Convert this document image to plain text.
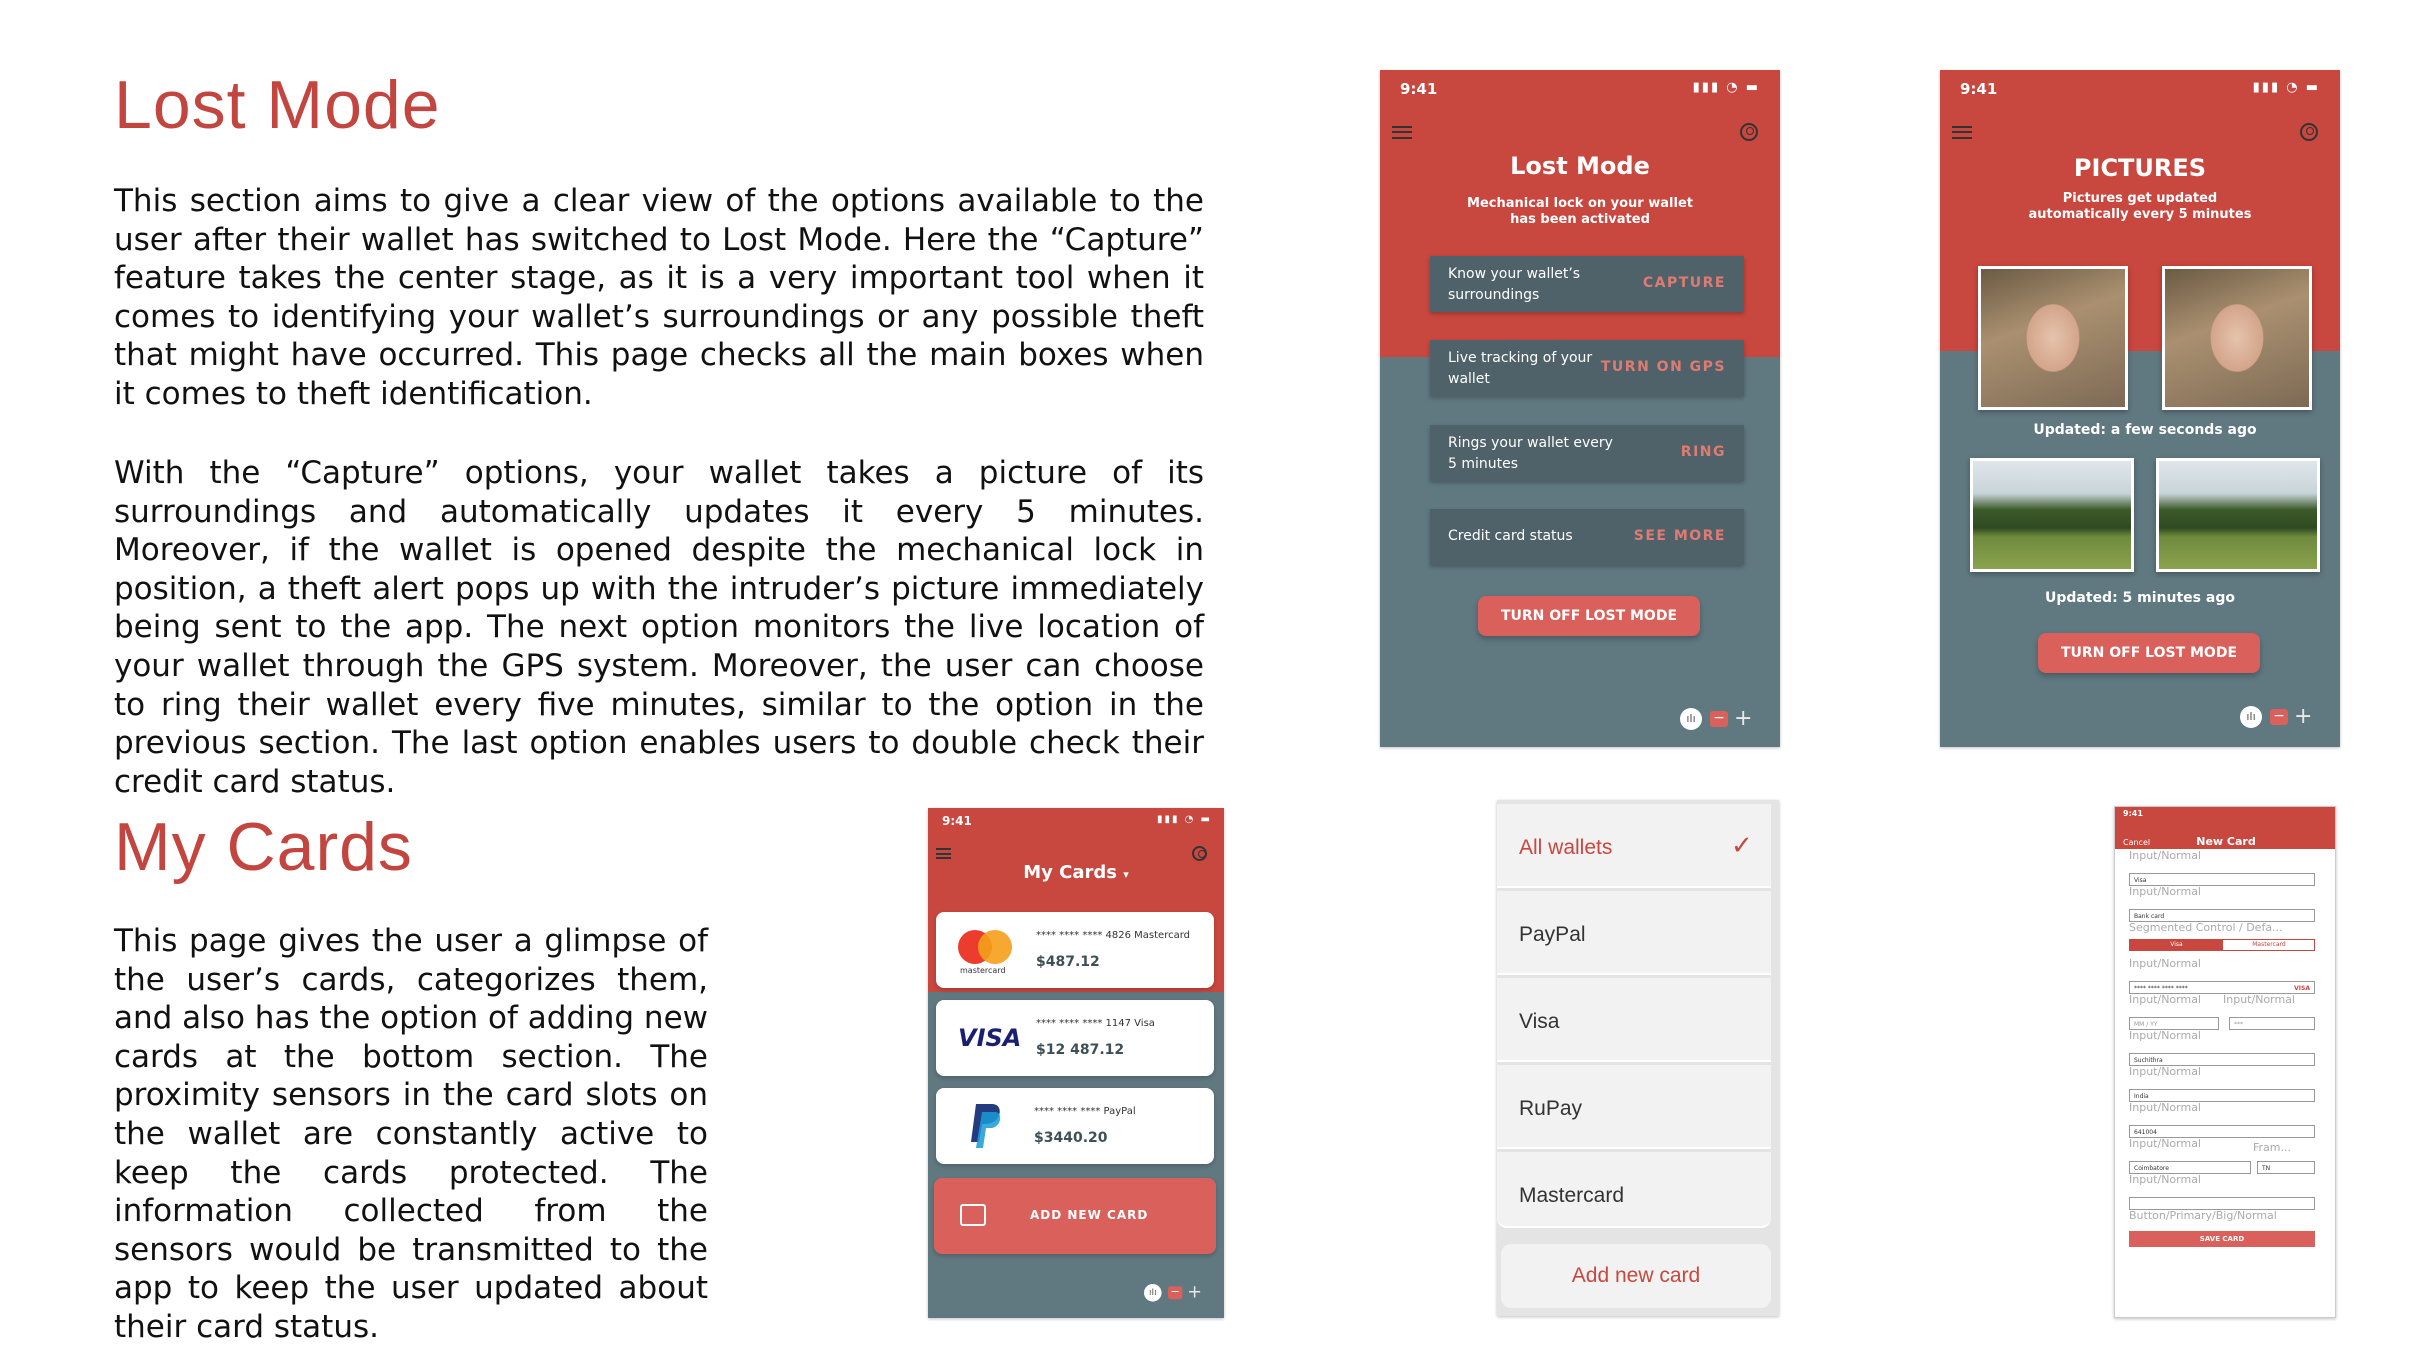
Lost Mode

This section aims to give a clear view of the options available to the user after their wallet has switched to Lost Mode. Here the “Capture” feature takes the center stage, as it is a very important tool when it comes to identifying your wallet’s surroundings or any possible theft that might have occurred. This page checks all the main boxes when it comes to theft identification.

With the “Capture” options, your wallet takes a picture of its surroundings and automatically updates it every 5 minutes. Moreover, if the wallet is opened despite the mechanical lock in position, a theft alert pops up with the intruder’s picture immediately being sent to the app. The next option monitors the live location of your wallet through the GPS system. Moreover, the user can choose to ring their wallet every five minutes, similar to the option in the previous section. The last option enables users to double check their credit card status.

My Cards

This page gives the user a glimpse of the user’s cards, categorizes them, and also has the option of adding new cards at the bottom section. The proximity sensors in the card slots on the wallet are constantly active to keep the cards protected. The information collected from the sensors would be transmitted to the app to keep the user updated about their card status.

9:41	▮▮▮ ◔ ▬
Lost Mode
Mechanical lock on your wallet
has been activated
Know your wallet’s surroundings
CAPTURE
Live tracking of your wallet
TURN ON GPS
Rings your wallet every 5 minutes
RING
Credit card status	SEE MORE
TURN OFF LOST MODE
ıIı	− +
9:41	▮▮▮ ◔ ▬
PICTURES
Pictures get updated
automatically every 5 minutes
Updated: a few seconds ago
Updated: 5 minutes ago
TURN OFF LOST MODE
ıIı	− +
9:41	▮▮▮ ◔ ▬
My Cards ▾
mastercard
**** **** **** 4826 Mastercard
$487.12
VISA
**** **** **** 1147 Visa
$12 487.12
**** **** **** PayPal
$3440.20
ADD NEW CARD
ıIı − +
All wallets	✓
PayPal
Visa
RuPay
Mastercard
Add new card
9:41
Cancel	New Card
Input/Normal
Visa
Input/Normal
Bank card
Segmented Control / Defa...
Visa	Mastercard
Input/Normal
**** **** **** ****	VISA
Input/Normal Input/Normal
MM / YY	***
Input/Normal
Suchithra
Input/Normal
India
Input/Normal
641004
Input/Normal	Fram...
Coimbatore	TN
Input/Normal
Button/Primary/Big/Normal
SAVE CARD
